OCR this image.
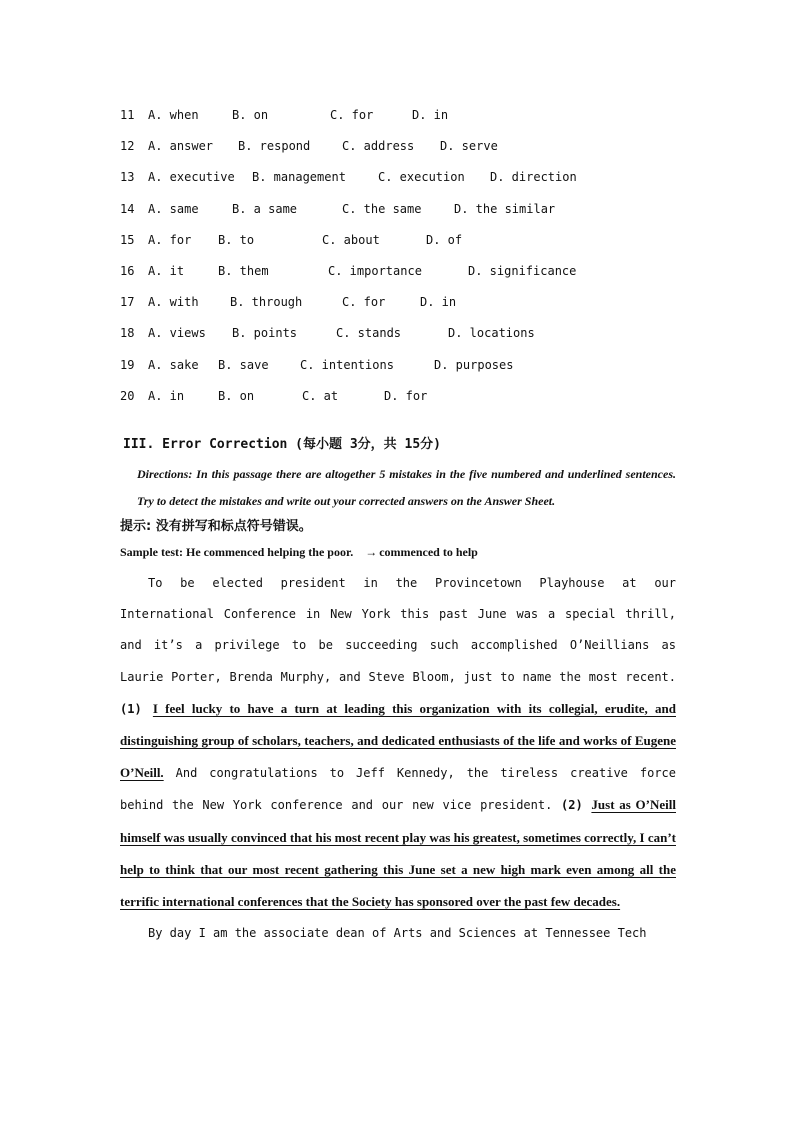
11 A. when	B. on	C. for	D. in
12 A. answer B. respond	C. address D. serve
13 A. executive B. management	C. execution D. direction
14 A. same	B. a same	C. the same	D. the similar
15 A. for B. to	C. about	D. of
16 A. it	B. them	C. importance	D. significance
17 A. with	B. through	C. for	D. in
18 A. views B. points	C. stands	D. locations
19 A. sake B. save	C. intentions	D. purposes
20 A. in	B. on	C. at	D. for
III. Error Correction (每小题 3分，共 15分)
Directions: In this passage there are altogether 5 mistakes in the five numbered and underlined sentences. Try to detect the mistakes and write out your corrected answers on the Answer Sheet.
提示: 没有拼写和标点符号错误。
Sample test: He commenced helping the poor. → commenced to help

To be elected president in the Provincetown Playhouse at our International Conference in New York this past June was a special thrill, and it’s a privilege to be succeeding such accomplished O’Neillians as Laurie Porter, Brenda Murphy, and Steve Bloom, just to name the most recent. (1) I feel lucky to have a turn at leading this organization with its collegial, erudite, and distinguishing group of scholars, teachers, and dedicated enthusiasts of the life and works of Eugene O’Neill. And congratulations to Jeff Kennedy, the tireless creative force behind the New York conference and our new vice president. (2) Just as O’Neill himself was usually convinced that his most recent play was his greatest, sometimes correctly, I can’t help to think that our most recent gathering this June set a new high mark even among all the terrific international conferences that the Society has sponsored over the past few decades.

By day I am the associate dean of Arts and Sciences at Tennessee Tech
